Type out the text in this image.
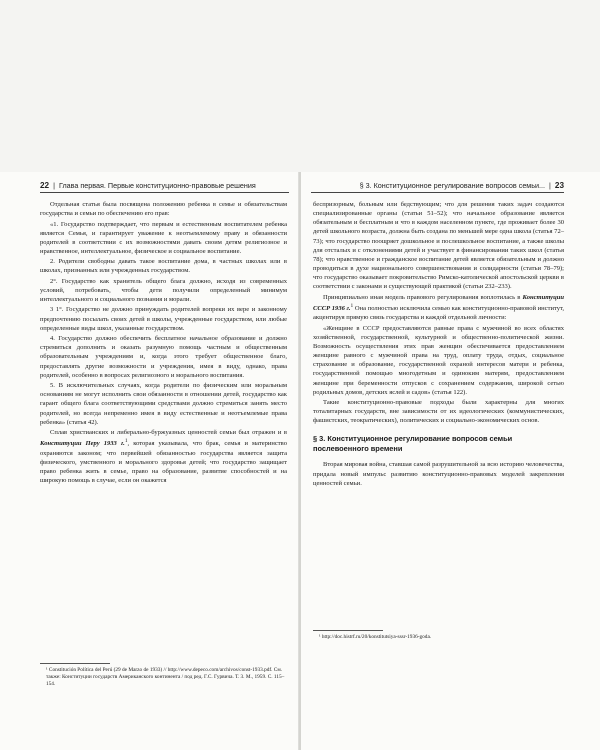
22 | Глава первая. Первые конституционно-правовые решения

Отдельная статья была посвящена положению ребенка в семье и обязательствам государства и семьи по обеспечению его прав:

«1. Государство подтверждает, что первым и естественным воспитателем ребенка является Семья, и гарантирует уважение к неотъемлемому праву и обязанности родителей в соответствии с их возможностями давать своим детям религиозное и нравственное, интеллектуальное, физическое и социальное воспитание.

2. Родители свободны давать такое воспитание дома, в частных школах или в школах, признанных или учрежденных государством.

2°. Государство как хранитель общего блага должно, исходя из современных условий, потребовать, чтобы дети получили определенный минимум интеллектуального и социального познания и морали.

3 1°. Государство не должно принуждать родителей вопреки их вере и законному предпочтению посылать своих детей в школы, учрежденные государством, или любые определенные виды школ, указанные государством.

4. Государство должно обеспечить бесплатное начальное образование и должно стремиться дополнить и оказать разумную помощь частным и общественным образовательным учреждениям и, когда этого требует общественное благо, предоставлять другие возможности и учреждения, имея в виду, однако, права родителей, особенно в вопросах религиозного и морального воспитания.

5. В исключительных случаях, когда родители по физическим или моральным основаниям не могут исполнить свои обязанности в отношении детей, государство как гарант общего блага соответствующими средствами должно стремиться занять место родителей, но всегда непременно имея в виду естественные и неотъемлемые права ребенка» (статья 42).

Сплав христианских и либерально-буржуазных ценностей семьи был отражен и в Конституции Перу 1933 г.$^1$, которая указывала, что брак, семья и материнство охраняются законом; что первейшей обязанностью государства является защита физического, умственного и морального здоровья детей; что государство защищает право ребенка жить в семье, право на образование, развитие способностей и на широкую помощь в случае, если он окажется

¹ Constitución Política del Perú (29 de Marzo de 1933) // http://www.depeco.com/archivos/const-1933.pdf. См. также: Конституции государств Американского континента / под ред. Г.С. Гурвича. Т. 3. М., 1959. С. 115–154.

§ 3. Конституционное регулирование вопросов семьи... | 23

беспризорным, больным или бедствующим; что для решения таких задач создаются специализированные органы (статьи 51–52); что начальное образование является обязательным и бесплатным и что в каждом населенном пункте, где проживает более 30 детей школьного возраста, должна быть создана по меньшей мере одна школа (статья 72–73); что государство поощряет дошкольное и послешкольное воспитание, а также школы для отсталых и с отклонениями детей и участвует в финансировании таких школ (статья 78); что нравственное и гражданское воспитание детей является обязательным и должно проводиться в духе национального совершенствования и солидарности (статьи 78–79); что государство оказывает покровительство Римско-католической апостольской церкви в соответствии с законами и существующей практикой (статьи 232–233).

Принципиально иная модель правового регулирования воплотилась в Конституции СССР 1936 г.$^1$ Она полностью исключила семью как конституционно-правовой институт, акцентируя прямую связь государства и каждой отдельной личности:

«Женщине в СССР предоставляются равные права с мужчиной во всех областях хозяйственной, государственной, культурной и общественно-политической жизни. Возможность осуществления этих прав женщин обеспечивается предоставлением женщине равного с мужчиной права на труд, оплату труда, отдых, социальное страхование и образование, государственной охраной интересов матери и ребенка, государственной помощью многодетным и одиноким матерям, предоставлением женщине при беременности отпусков с сохранением содержания, широкой сетью родильных домов, детских яслей и садов» (статья 122).

Такие конституционно-правовые подходы были характерны для многих тоталитарных государств, вне зависимости от их идеологических (коммунистических, фашистских, теократических), политических и социально-экономических основ.

§ 3. Конституционное регулирование вопросов семьи послевоенного времени

Вторая мировая война, ставшая самой разрушительной за всю историю человечества, придала новый импульс развитию конституционно-правовых моделей закрепления ценностей семьи.

¹ http://doc.histrf.ru/20/konstitutsiya-sssr-1936-goda.
